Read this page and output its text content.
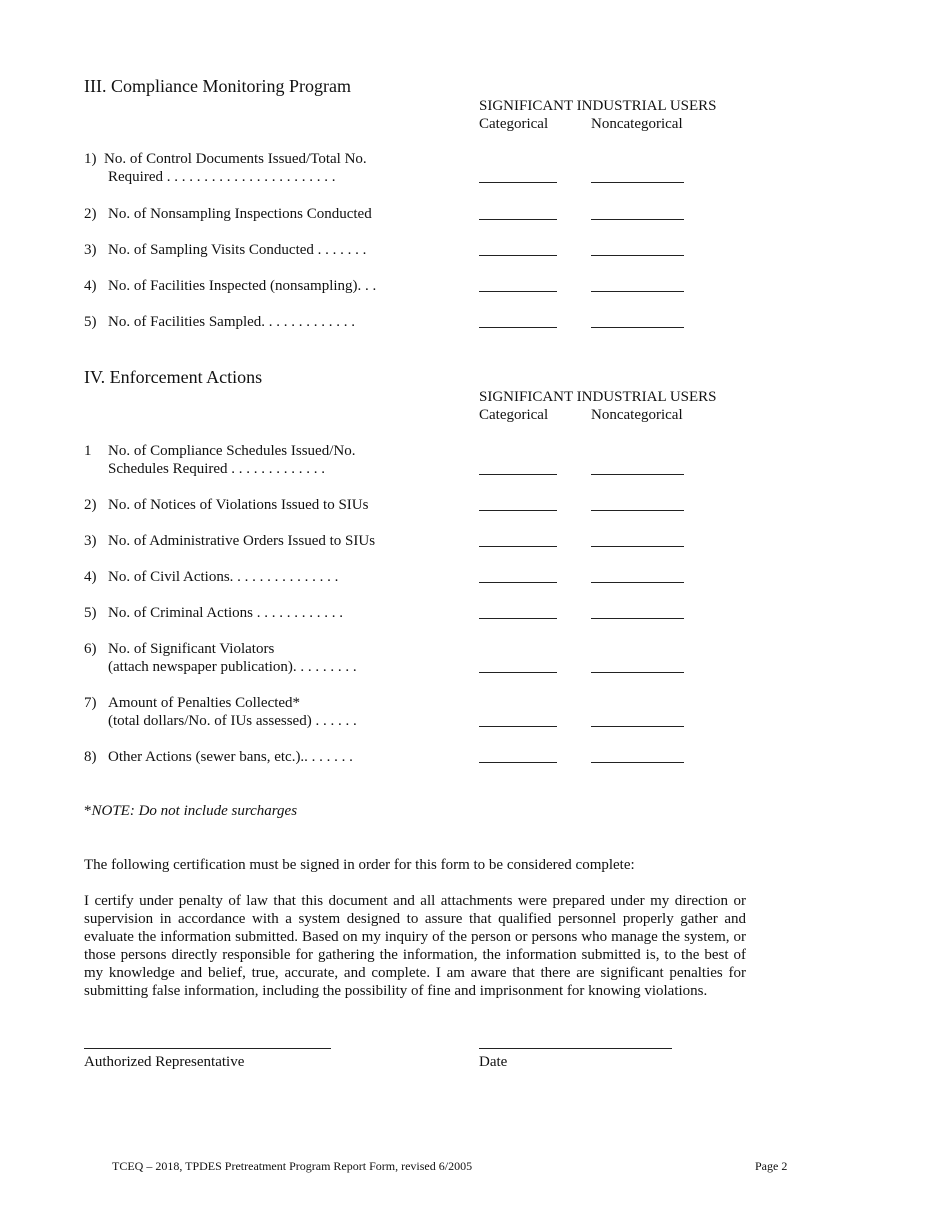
III. Compliance Monitoring Program
SIGNIFICANT INDUSTRIAL USERS
Categorical	Noncategorical
1) No. of Control Documents Issued/Total No.
Required . . . . . . . . . . . . . . . . . . . . . . .
2) No. of Nonsampling Inspections Conducted
3) No. of Sampling Visits Conducted . . . . . . .
4) No. of Facilities Inspected (nonsampling). . .
5) No. of Facilities Sampled. . . . . . . . . . . . .
IV. Enforcement Actions
SIGNIFICANT INDUSTRIAL USERS
Categorical	Noncategorical
1 No. of Compliance Schedules Issued/No.
Schedules Required . . . . . . . . . . . . .
2) No. of Notices of Violations Issued to SIUs
3) No. of Administrative Orders Issued to SIUs
4) No. of Civil Actions. . . . . . . . . . . . . . .
5) No. of Criminal Actions . . . . . . . . . . . .
6) No. of Significant Violators
(attach newspaper publication). . . . . . . . .
7) Amount of Penalties Collected*
(total dollars/No. of IUs assessed) . . . . . .
8) Other Actions (sewer bans, etc.).. . . . . . .
*NOTE: Do not include surcharges
The following certification must be signed in order for this form to be considered complete:
I certify under penalty of law that this document and all attachments were prepared under my direction or supervision in accordance with a system designed to assure that qualified personnel properly gather and evaluate the information submitted. Based on my inquiry of the person or persons who manage the system, or those persons directly responsible for gathering the information, the information submitted is, to the best of my knowledge and belief, true, accurate, and complete. I am aware that there are significant penalties for submitting false information, including the possibility of fine and imprisonment for knowing violations.
Authorized Representative	Date
TCEQ – 2018, TPDES Pretreatment Program Report Form, revised 6/2005	Page 2
